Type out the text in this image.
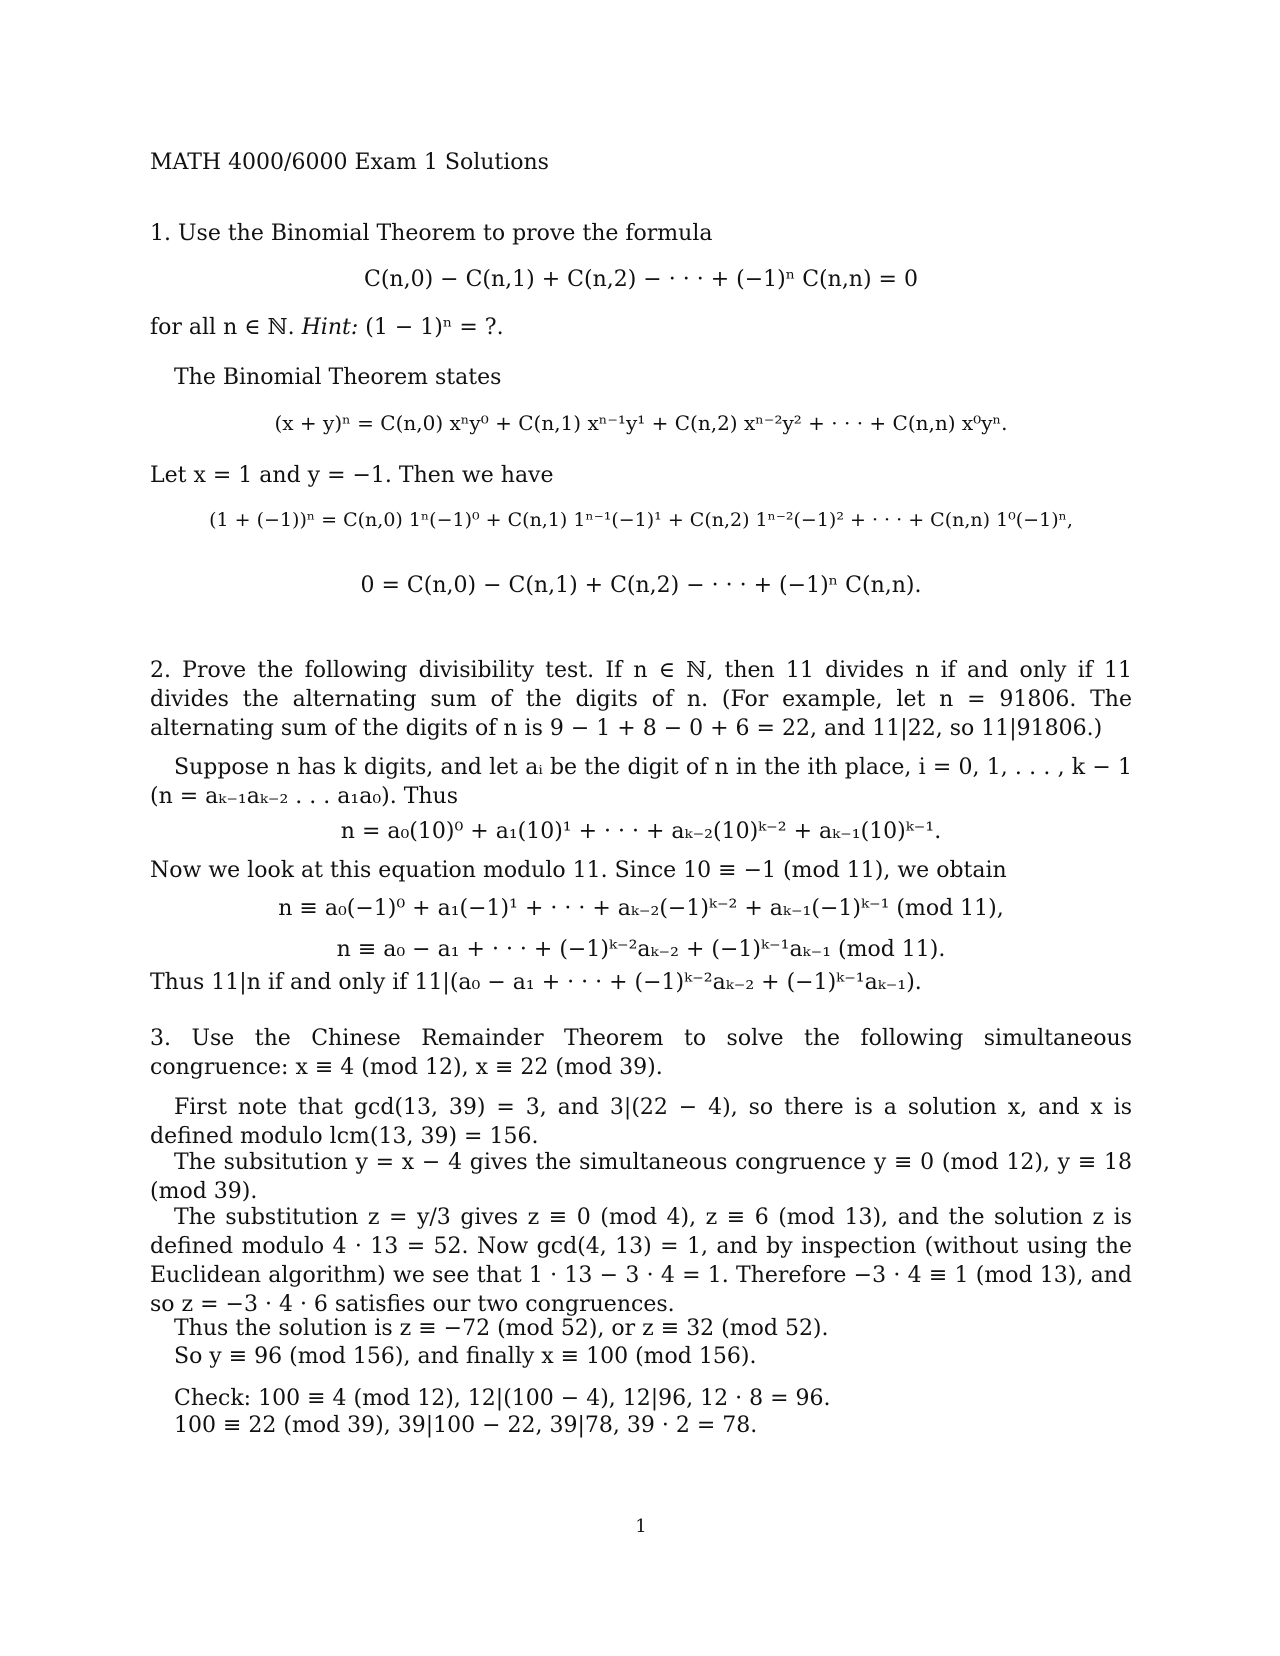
MATH 4000/6000 Exam 1 Solutions
1. Use the Binomial Theorem to prove the formula
C(n,0) − C(n,1) + C(n,2) − · · · + (−1)ⁿ C(n,n) = 0
for all n ∈ ℕ. Hint: (1 − 1)ⁿ = ?.
The Binomial Theorem states
(x + y)ⁿ = C(n,0) xⁿy⁰ + C(n,1) xⁿ⁻¹y¹ + C(n,2) xⁿ⁻²y² + · · · + C(n,n) x⁰yⁿ.
Let x = 1 and y = −1. Then we have
(1 + (−1))ⁿ = C(n,0) 1ⁿ(−1)⁰ + C(n,1) 1ⁿ⁻¹(−1)¹ + C(n,2) 1ⁿ⁻²(−1)² + · · · + C(n,n) 1⁰(−1)ⁿ,
0 = C(n,0) − C(n,1) + C(n,2) − · · · + (−1)ⁿ C(n,n).
2. Prove the following divisibility test. If n ∈ ℕ, then 11 divides n if and only if 11 divides the alternating sum of the digits of n. (For example, let n = 91806. The alternating sum of the digits of n is 9 − 1 + 8 − 0 + 6 = 22, and 11|22, so 11|91806.)
Suppose n has k digits, and let aᵢ be the digit of n in the ith place, i = 0, 1, . . . , k − 1 (n = aₖ₋₁aₖ₋₂ . . . a₁a₀). Thus
n = a₀(10)⁰ + a₁(10)¹ + · · · + aₖ₋₂(10)ᵏ⁻² + aₖ₋₁(10)ᵏ⁻¹.
Now we look at this equation modulo 11. Since 10 ≡ −1 (mod 11), we obtain
n ≡ a₀(−1)⁰ + a₁(−1)¹ + · · · + aₖ₋₂(−1)ᵏ⁻² + aₖ₋₁(−1)ᵏ⁻¹ (mod 11),
n ≡ a₀ − a₁ + · · · + (−1)ᵏ⁻²aₖ₋₂ + (−1)ᵏ⁻¹aₖ₋₁ (mod 11).
Thus 11|n if and only if 11|(a₀ − a₁ + · · · + (−1)ᵏ⁻²aₖ₋₂ + (−1)ᵏ⁻¹aₖ₋₁).
3. Use the Chinese Remainder Theorem to solve the following simultaneous congruence: x ≡ 4 (mod 12), x ≡ 22 (mod 39).
First note that gcd(13, 39) = 3, and 3|(22 − 4), so there is a solution x, and x is defined modulo lcm(13, 39) = 156.
The subsitution y = x − 4 gives the simultaneous congruence y ≡ 0 (mod 12), y ≡ 18 (mod 39).
The substitution z = y/3 gives z ≡ 0 (mod 4), z ≡ 6 (mod 13), and the solution z is defined modulo 4 · 13 = 52. Now gcd(4, 13) = 1, and by inspection (without using the Euclidean algorithm) we see that 1 · 13 − 3 · 4 = 1. Therefore −3 · 4 ≡ 1 (mod 13), and so z = −3 · 4 · 6 satisfies our two congruences.
Thus the solution is z ≡ −72 (mod 52), or z ≡ 32 (mod 52).
So y ≡ 96 (mod 156), and finally x ≡ 100 (mod 156).
Check: 100 ≡ 4 (mod 12), 12|(100 − 4), 12|96, 12 · 8 = 96.
100 ≡ 22 (mod 39), 39|100 − 22, 39|78, 39 · 2 = 78.
1
